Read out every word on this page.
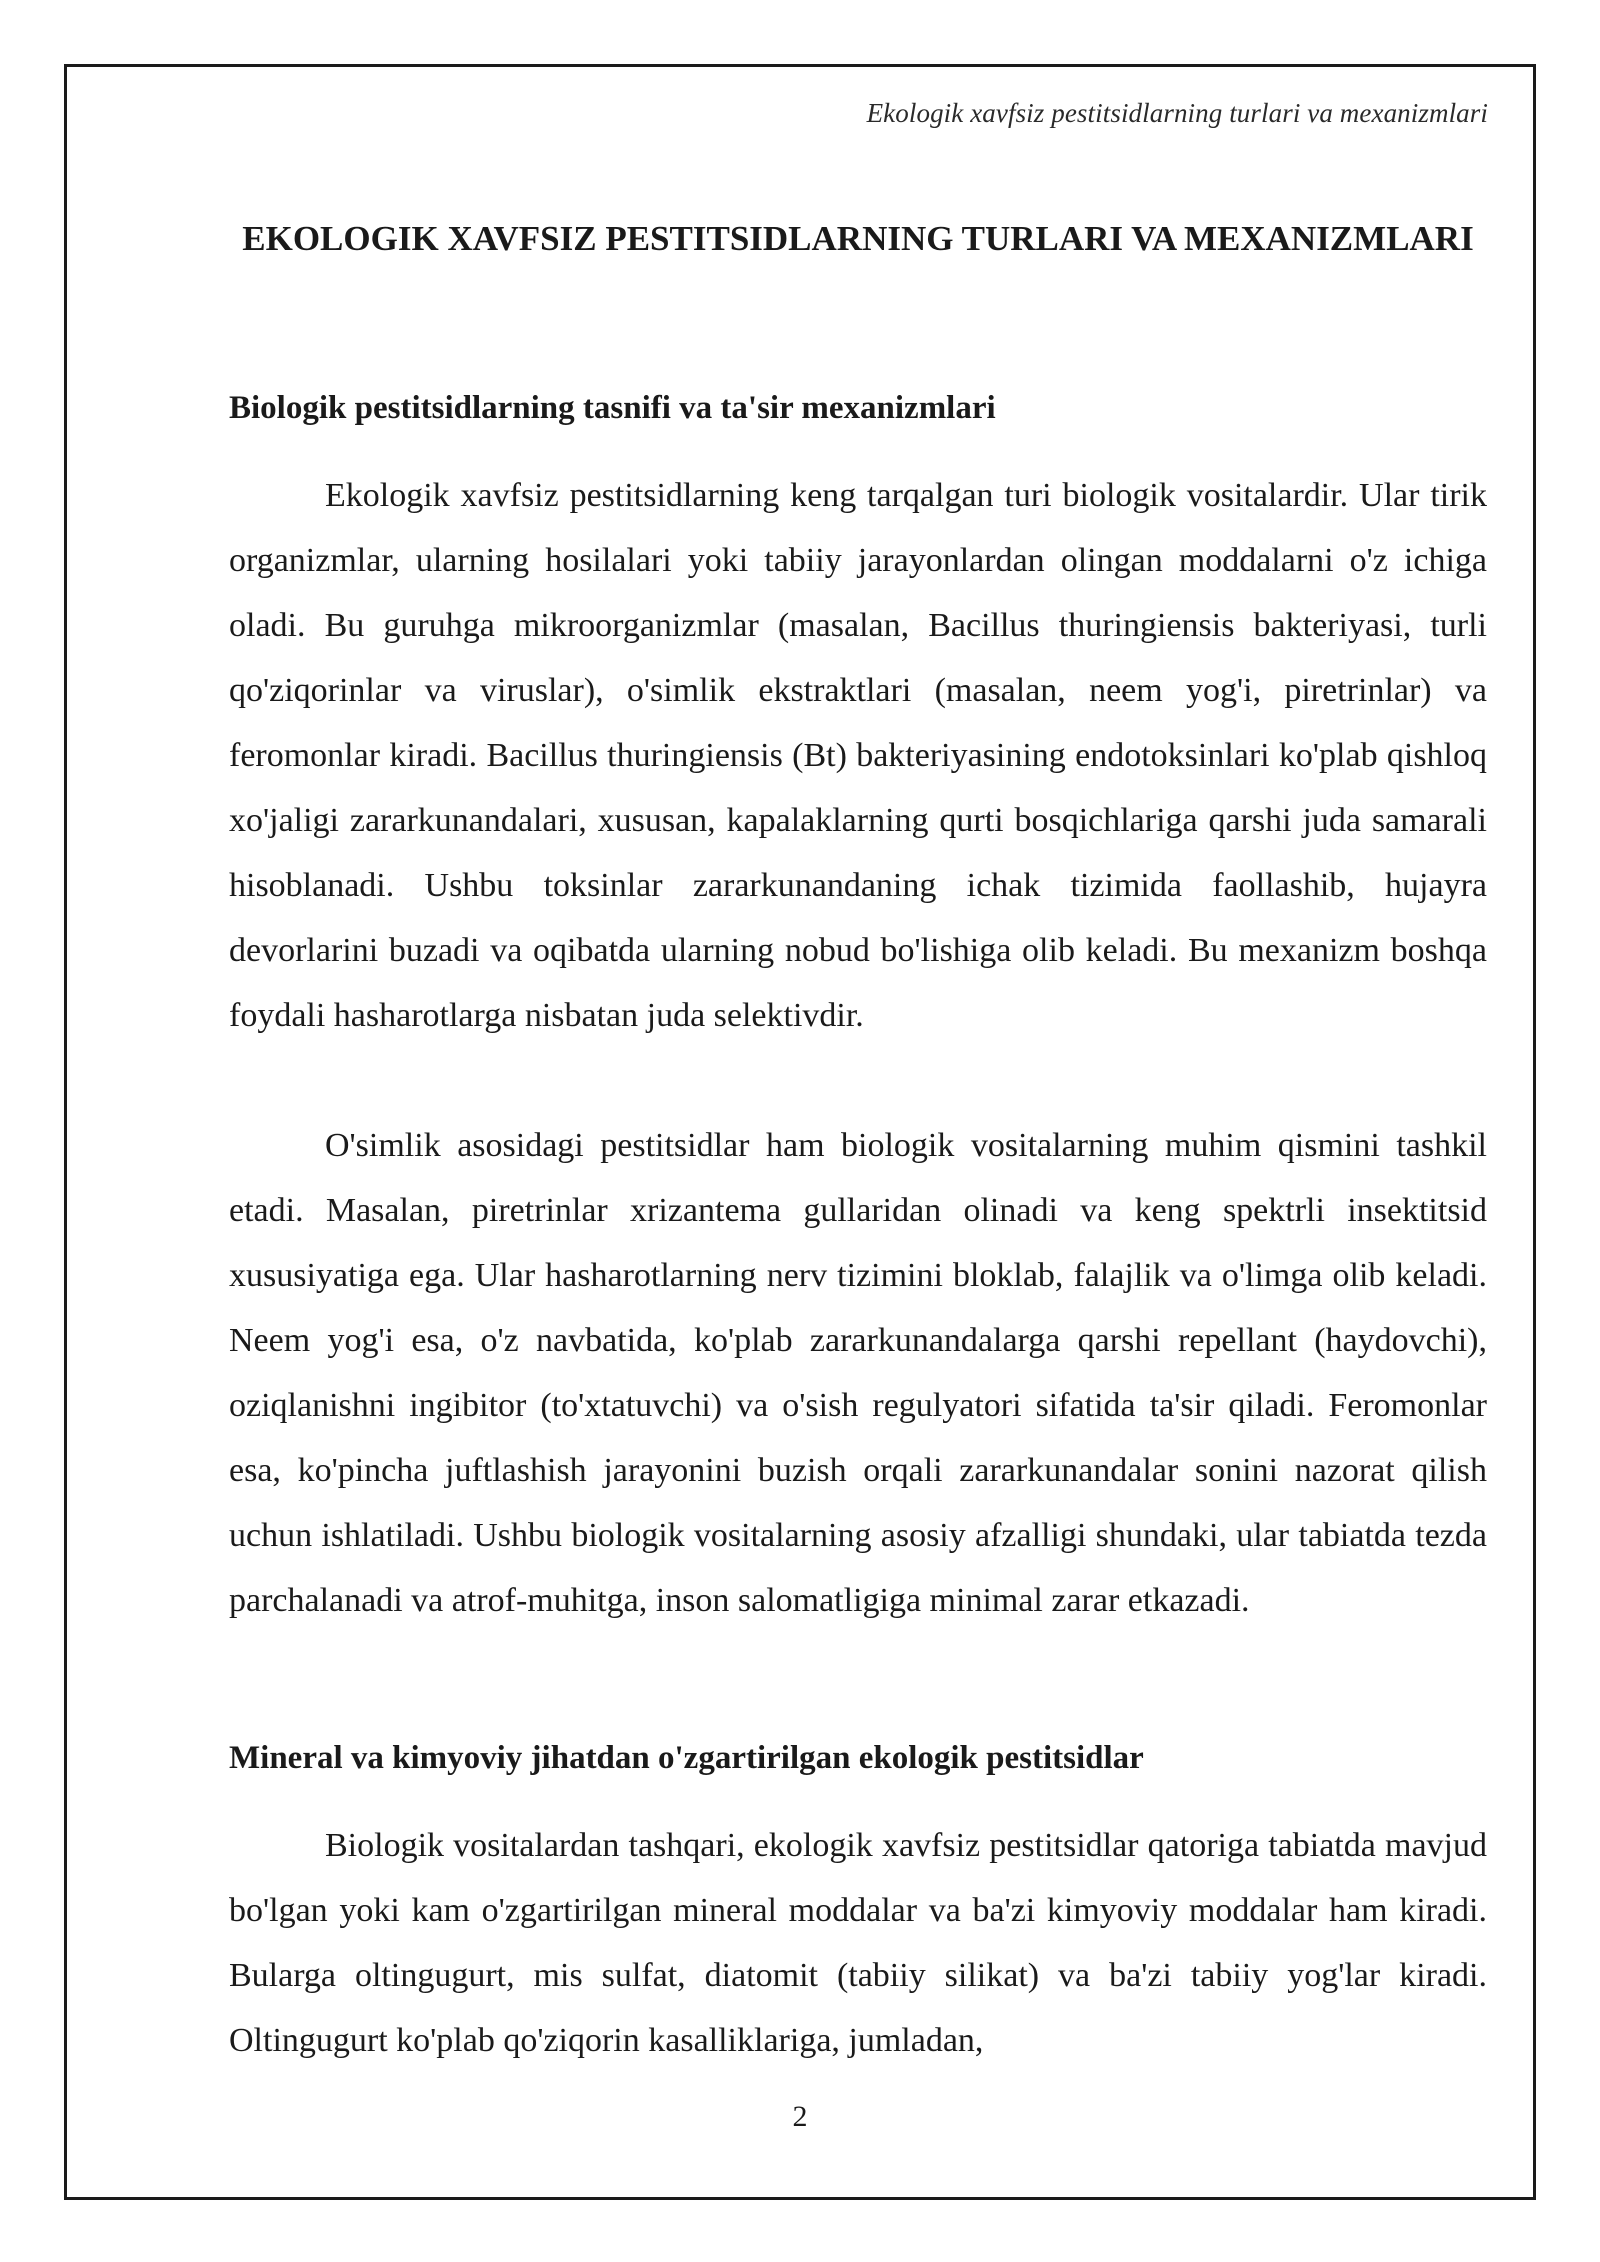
Ekologik xavfsiz pestitsidlarning turlari va mexanizmlari
EKOLOGIK XAVFSIZ PESTITSIDLARNING TURLARI VA MEXANIZMLARI
Biologik pestitsidlarning tasnifi va ta'sir mexanizmlari

Ekologik xavfsiz pestitsidlarning keng tarqalgan turi biologik vositalardir. Ular tirik organizmlar, ularning hosilalari yoki tabiiy jarayonlardan olingan moddalarni o'z ichiga oladi. Bu guruhga mikroorganizmlar (masalan, Bacillus thuringiensis bakteriyasi, turli qo'ziqorinlar va viruslar), o'simlik ekstraktlari (masalan, neem yog'i, piretrinlar) va feromonlar kiradi. Bacillus thuringiensis (Bt) bakteriyasining endotoksinlari ko'plab qishloq xo'jaligi zararkunandalari, xususan, kapalaklarning qurti bosqichlariga qarshi juda samarali hisoblanadi. Ushbu toksinlar zararkunandaning ichak tizimida faollashib, hujayra devorlarini buzadi va oqibatda ularning nobud bo'lishiga olib keladi. Bu mexanizm boshqa foydali hasharotlarga nisbatan juda selektivdir.

O'simlik asosidagi pestitsidlar ham biologik vositalarning muhim qismini tashkil etadi. Masalan, piretrinlar xrizantema gullaridan olinadi va keng spektrli insektitsid xususiyatiga ega. Ular hasharotlarning nerv tizimini bloklab, falajlik va o'limga olib keladi. Neem yog'i esa, o'z navbatida, ko'plab zararkunandalarga qarshi repellant (haydovchi), oziqlanishni ingibitor (to'xtatuvchi) va o'sish regulyatori sifatida ta'sir qiladi. Feromonlar esa, ko'pincha juftlashish jarayonini buzish orqali zararkunandalar sonini nazorat qilish uchun ishlatiladi. Ushbu biologik vositalarning asosiy afzalligi shundaki, ular tabiatda tezda parchalanadi va atrof-muhitga, inson salomatligiga minimal zarar etkazadi.

Mineral va kimyoviy jihatdan o'zgartirilgan ekologik pestitsidlar

Biologik vositalardan tashqari, ekologik xavfsiz pestitsidlar qatoriga tabiatda mavjud bo'lgan yoki kam o'zgartirilgan mineral moddalar va ba'zi kimyoviy moddalar ham kiradi. Bularga oltingugurt, mis sulfat, diatomit (tabiiy silikat) va ba'zi tabiiy yog'lar kiradi. Oltingugurt ko'plab qo'ziqorin kasalliklariga, jumladan,

2
